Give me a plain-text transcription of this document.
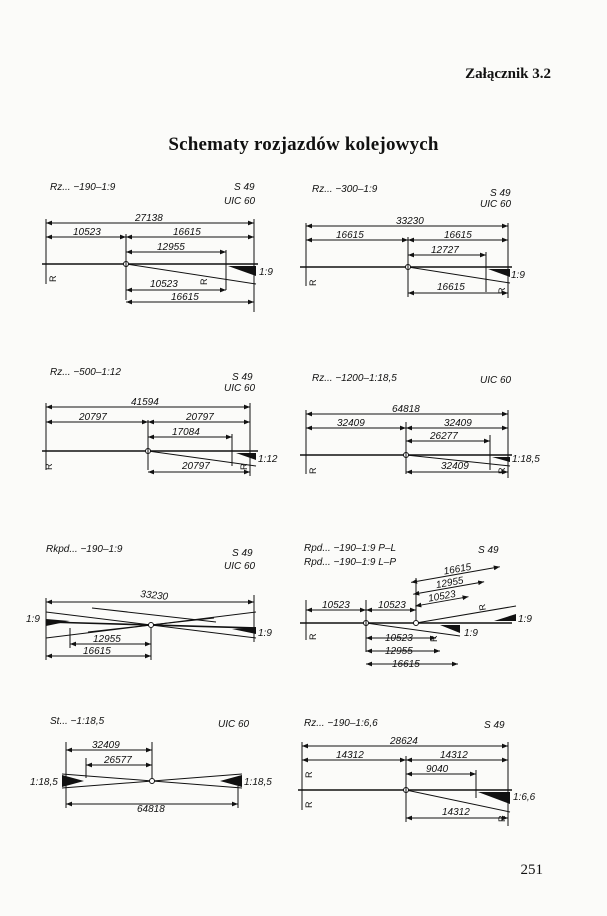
Załącznik 3.2
Schematy rozjazdów kolejowych
251
Rz... −190–1:9	S 49
UIC 60
27138
10523	16615
12955
10523
16615
1:9
R	R
Rz... −300–1:9	S 49
UIC 60
33230
16615	16615
12727
16615
1:9
R
R
Rz... −500–1:12	S 49
UIC 60
41594
20797	20797
17084
20797
1:12
R	R
Rz... −1200–1:18,5	UIC 60
64818
32409	32409
26277
32409
1:18,5
R	R
Rkpd... −190–1:9	S 49
UIC 60
33230
12955
16615
1:9
1:9
Rpd... −190–1:9 P–L
Rpd... −190–1:9 L–P
S 49
10523	10523
16615
12955
10523
10523
12955
16615
1:9
1:9
R	R
R
St... −1:18,5	UIC 60
32409
26577
64818
1:18,5	1:18,5
Rz... −190–1:6,6	S 49
28624
14312	14312
9040
14312
1:6,6
R
R
R
